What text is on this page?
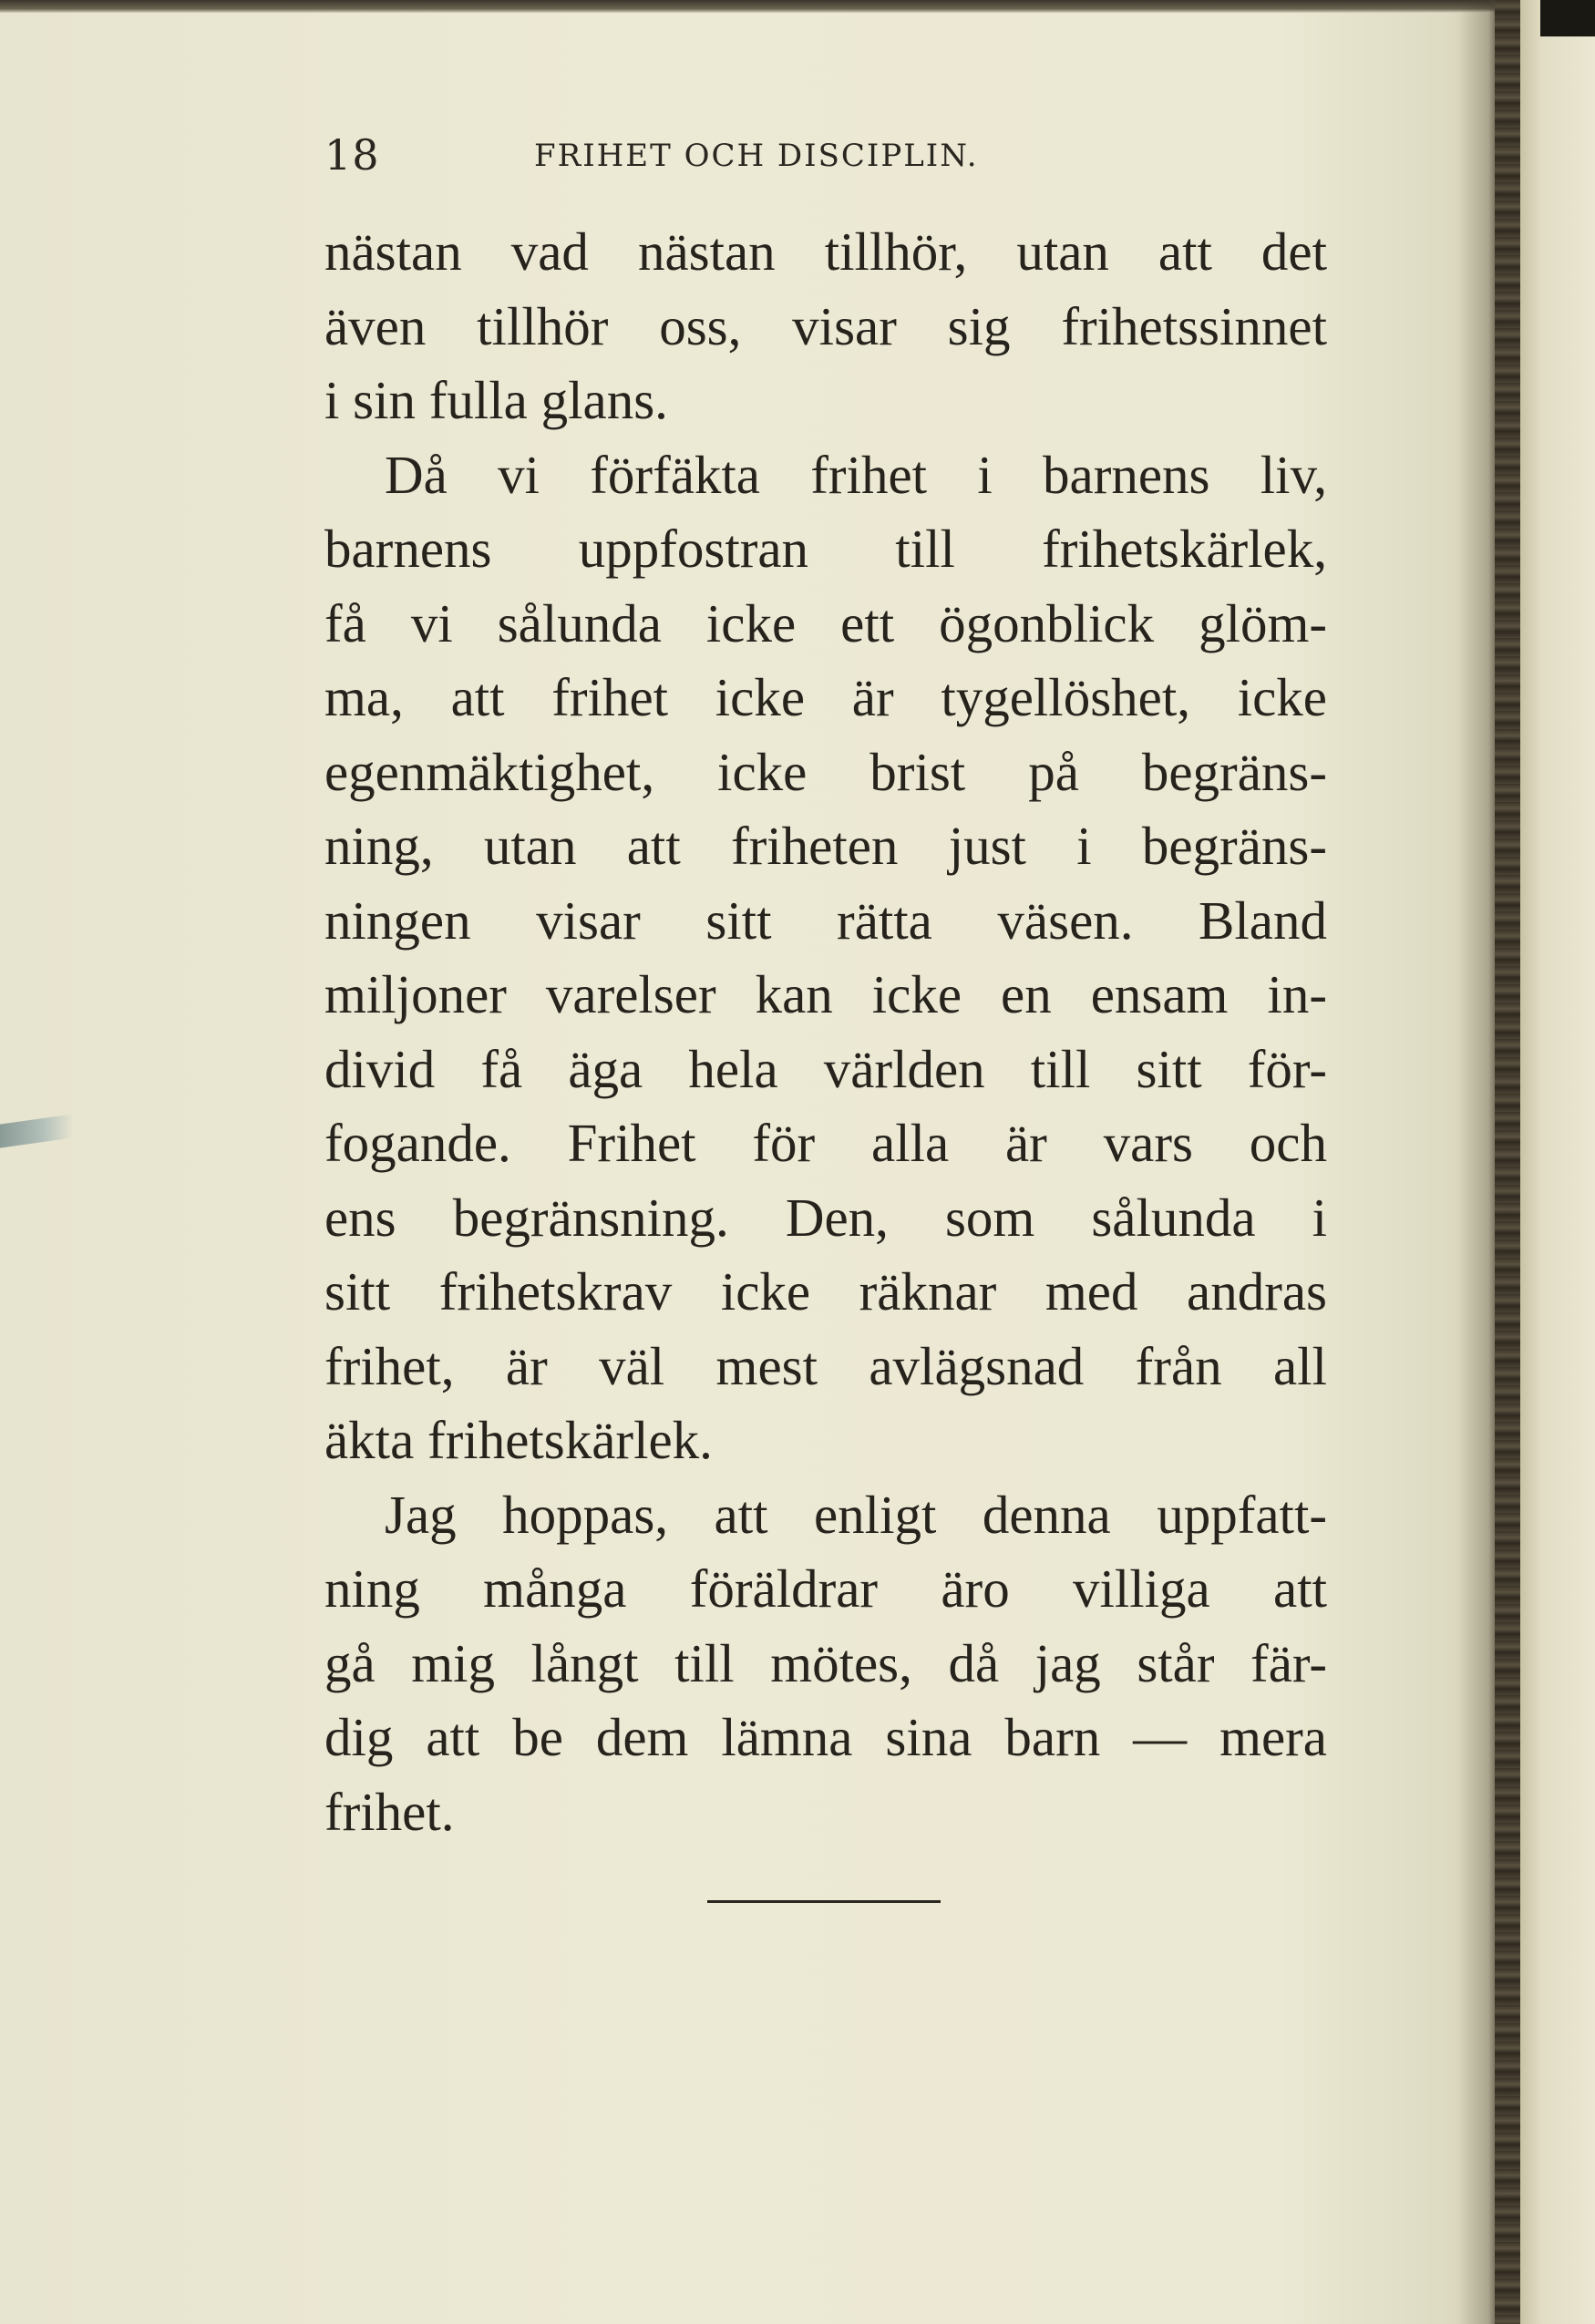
18	FRIHET OCH DISCIPLIN.
nästan vad nästan tillhör, utan att det
även tillhör oss, visar sig frihetssinnet
i sin fulla glans.
Då vi förfäkta frihet i barnens liv,
barnens uppfostran till frihetskärlek,
få vi sålunda icke ett ögonblick glöm-
ma, att frihet icke är tygellöshet, icke
egenmäktighet, icke brist på begräns-
ning, utan att friheten just i begräns-
ningen visar sitt rätta väsen. Bland
miljoner varelser kan icke en ensam in-
divid få äga hela världen till sitt för-
fogande. Frihet för alla är vars och
ens begränsning. Den, som sålunda i
sitt frihetskrav icke räknar med andras
frihet, är väl mest avlägsnad från all
äkta frihetskärlek.
Jag hoppas, att enligt denna uppfatt-
ning många föräldrar äro villiga att
gå mig långt till mötes, då jag står fär-
dig att be dem lämna sina barn — mera
frihet.
